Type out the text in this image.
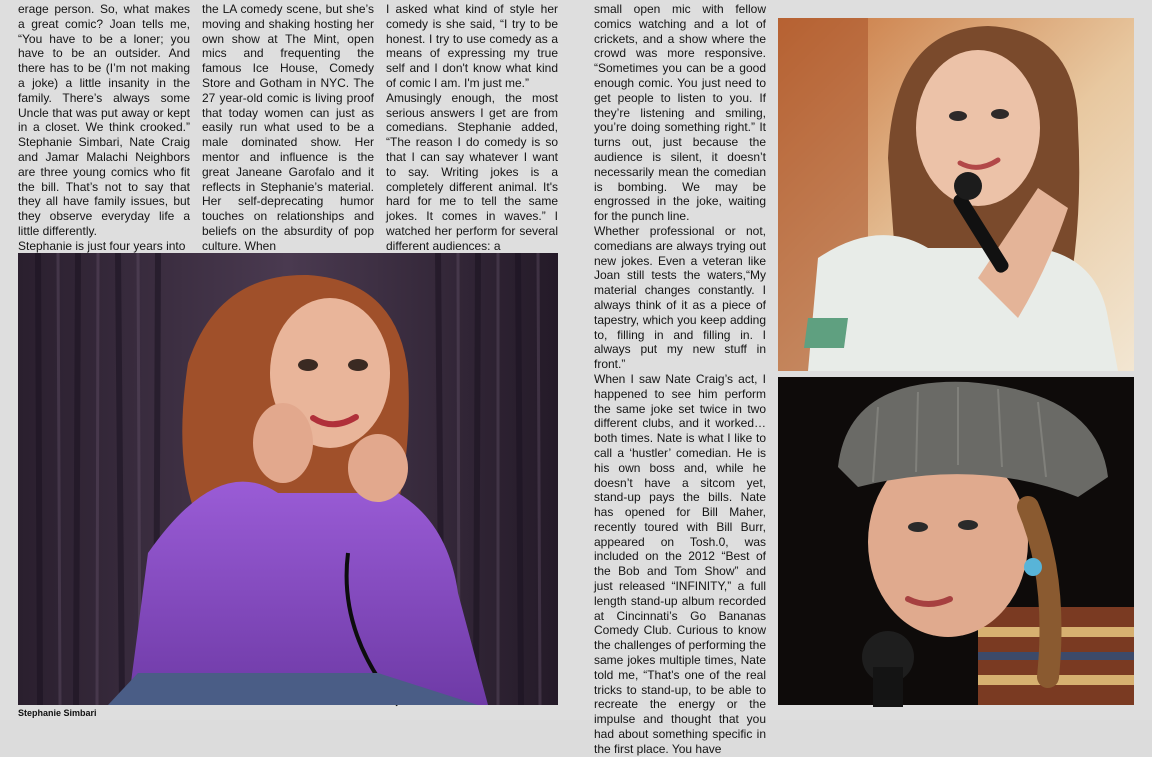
erage person. So, what makes a great comic? Joan tells me, “You have to be a loner; you have to be an outsider. And there has to be (I’m not making a joke) a little insanity in the family. There’s always some Uncle that was put away or kept in a closet. We think crooked.” Stephanie Simbari, Nate Craig and Jamar Malachi Neighbors are three young comics who fit the bill. That’s not to say that they all have family issues, but they observe everyday life a little differently.

Stephanie is just four years into

the LA comedy scene, but she’s moving and shaking hosting her own show at The Mint, open mics and frequenting the famous Ice House, Comedy Store and Gotham in NYC. The 27 year-old comic is living proof that today women can just as easily run what used to be a male dominated show. Her mentor and influence is the great Janeane Garofalo and it reflects in Stephanie’s material. Her self-deprecating humor touches on relationships and beliefs on the absurdity of pop culture. When

I asked what kind of style her comedy is she said, “I try to be honest. I try to use comedy as a means of expressing my true self and I don't know what kind of comic I am. I'm just me.”

Amusingly enough, the most serious answers I get are from comedians. Stephanie added, “The reason I do comedy is so that I can say whatever I want to say. Writing jokes is a completely different animal. It's hard for me to tell the same jokes. It comes in waves.” I watched her perform for several different audiences: a

small open mic with fellow comics watching and a lot of crickets, and a show where the crowd was more responsive. “Sometimes you can be a good enough comic. You just need to get people to listen to you. If they’re listening and smiling, you’re doing something right.” It turns out, just because the audience is silent, it doesn’t necessarily mean the comedian is bombing. We may be engrossed in the joke, waiting for the punch line.

Whether professional or not, comedians are always trying out new jokes. Even a veteran like Joan still tests the waters,“My material changes constantly. I always think of it as a piece of tapestry, which you keep adding to, filling in and filling in. I always put my new stuff in front.”

When I saw Nate Craig’s act, I happened to see him perform the same joke set twice in two different clubs, and it worked… both times. Nate is what I like to call a ‘hustler’ comedian. He is his own boss and, while he doesn’t have a sitcom yet, stand-up pays the bills. Nate has opened for Bill Maher, recently toured with Bill Burr, appeared on Tosh.0, was included on the 2012 “Best of the Bob and Tom Show” and just released “INFINITY,” a full length stand-up album recorded at Cincinnati’s Go Bananas Comedy Club. Curious to know the challenges of performing the same jokes multiple times, Nate told me, “That's one of the real tricks to stand-up, to be able to recreate the energy or the impulse and thought that you had about something specific in the first place. You have

Stephanie Simbari
